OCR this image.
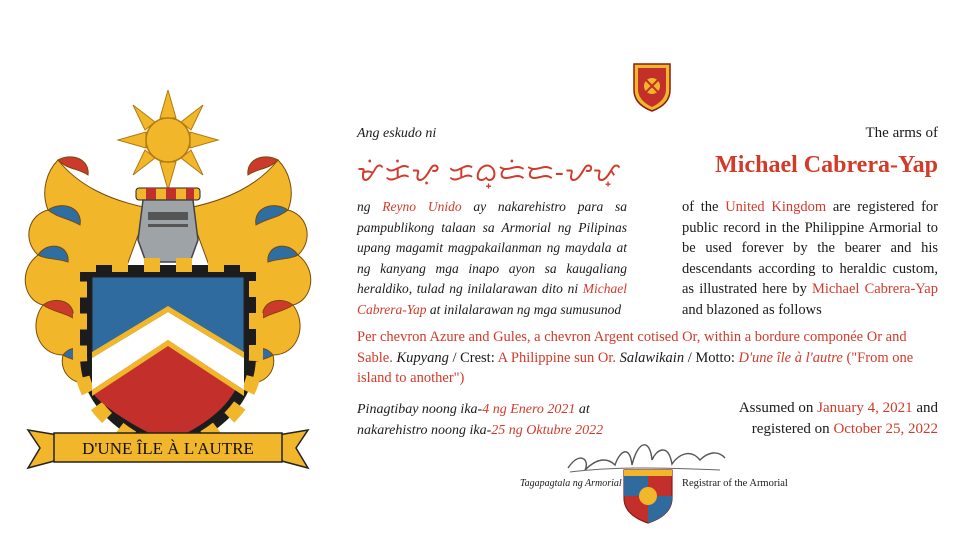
D'UNE ÎLE À L'AUTRE
Ang eskudo ni	The arms of
ᜋᜒᜃᜒᜌᜓ ᜃᜊ᜔ᜇᜒᜇ-ᜌᜉ᜔	Michael Cabrera-Yap
ng Reyno Unido ay nakarehistro para sa pampublikong talaan sa Armorial ng Pilipinas upang magamit magpakailanman ng maydala at ng kanyang mga inapo ayon sa kaugaliang heraldiko, tulad ng inilalarawan dito ni Michael Cabrera-Yap at inilalarawan ng mga sumusunod
of the United Kingdom are registered for public record in the Philippine Armorial to be used forever by the bearer and his descendants according to heraldic custom, as illustrated here by Michael Cabrera-Yap and blazoned as follows
Per chevron Azure and Gules, a chevron Argent cotised Or, within a bordure componée Or and Sable. Kupyang / Crest: A Philippine sun Or. Salawikain / Motto: D'une île à l'autre ("From one island to another")
Pinagtibay noong ika-4 ng Enero 2021 at
nakarehistro noong ika-25 ng Oktubre 2022
Assumed on January 4, 2021 and
registered on October 25, 2022
Tagapagtala ng Armorial	Registrar of the Armorial
